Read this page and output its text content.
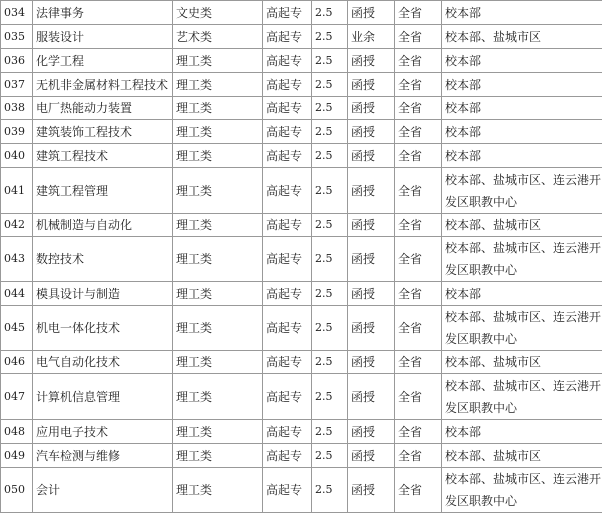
034	法律事务	文史类	高起专	2.5	函授	全省	校本部
035	服装设计	艺术类	高起专	2.5	业余	全省	校本部、盐城市区
036	化学工程	理工类	高起专	2.5	函授	全省	校本部
037	无机非金属材料工程技术	理工类	高起专	2.5	函授	全省	校本部
038	电厂热能动力装置	理工类	高起专	2.5	函授	全省	校本部
039	建筑装饰工程技术	理工类	高起专	2.5	函授	全省	校本部
040	建筑工程技术	理工类	高起专	2.5	函授	全省	校本部
041	建筑工程管理	理工类	高起专	2.5	函授	全省	校本部、盐城市区、连云港开发区职教中心
042	机械制造与自动化	理工类	高起专	2.5	函授	全省	校本部、盐城市区
043	数控技术	理工类	高起专	2.5	函授	全省	校本部、盐城市区、连云港开发区职教中心
044	模具设计与制造	理工类	高起专	2.5	函授	全省	校本部
045	机电一体化技术	理工类	高起专	2.5	函授	全省	校本部、盐城市区、连云港开发区职教中心
046	电气自动化技术	理工类	高起专	2.5	函授	全省	校本部、盐城市区
047	计算机信息管理	理工类	高起专	2.5	函授	全省	校本部、盐城市区、连云港开发区职教中心
048	应用电子技术	理工类	高起专	2.5	函授	全省	校本部
049	汽车检测与维修	理工类	高起专	2.5	函授	全省	校本部、盐城市区
050	会计	理工类	高起专	2.5	函授	全省	校本部、盐城市区、连云港开发区职教中心
